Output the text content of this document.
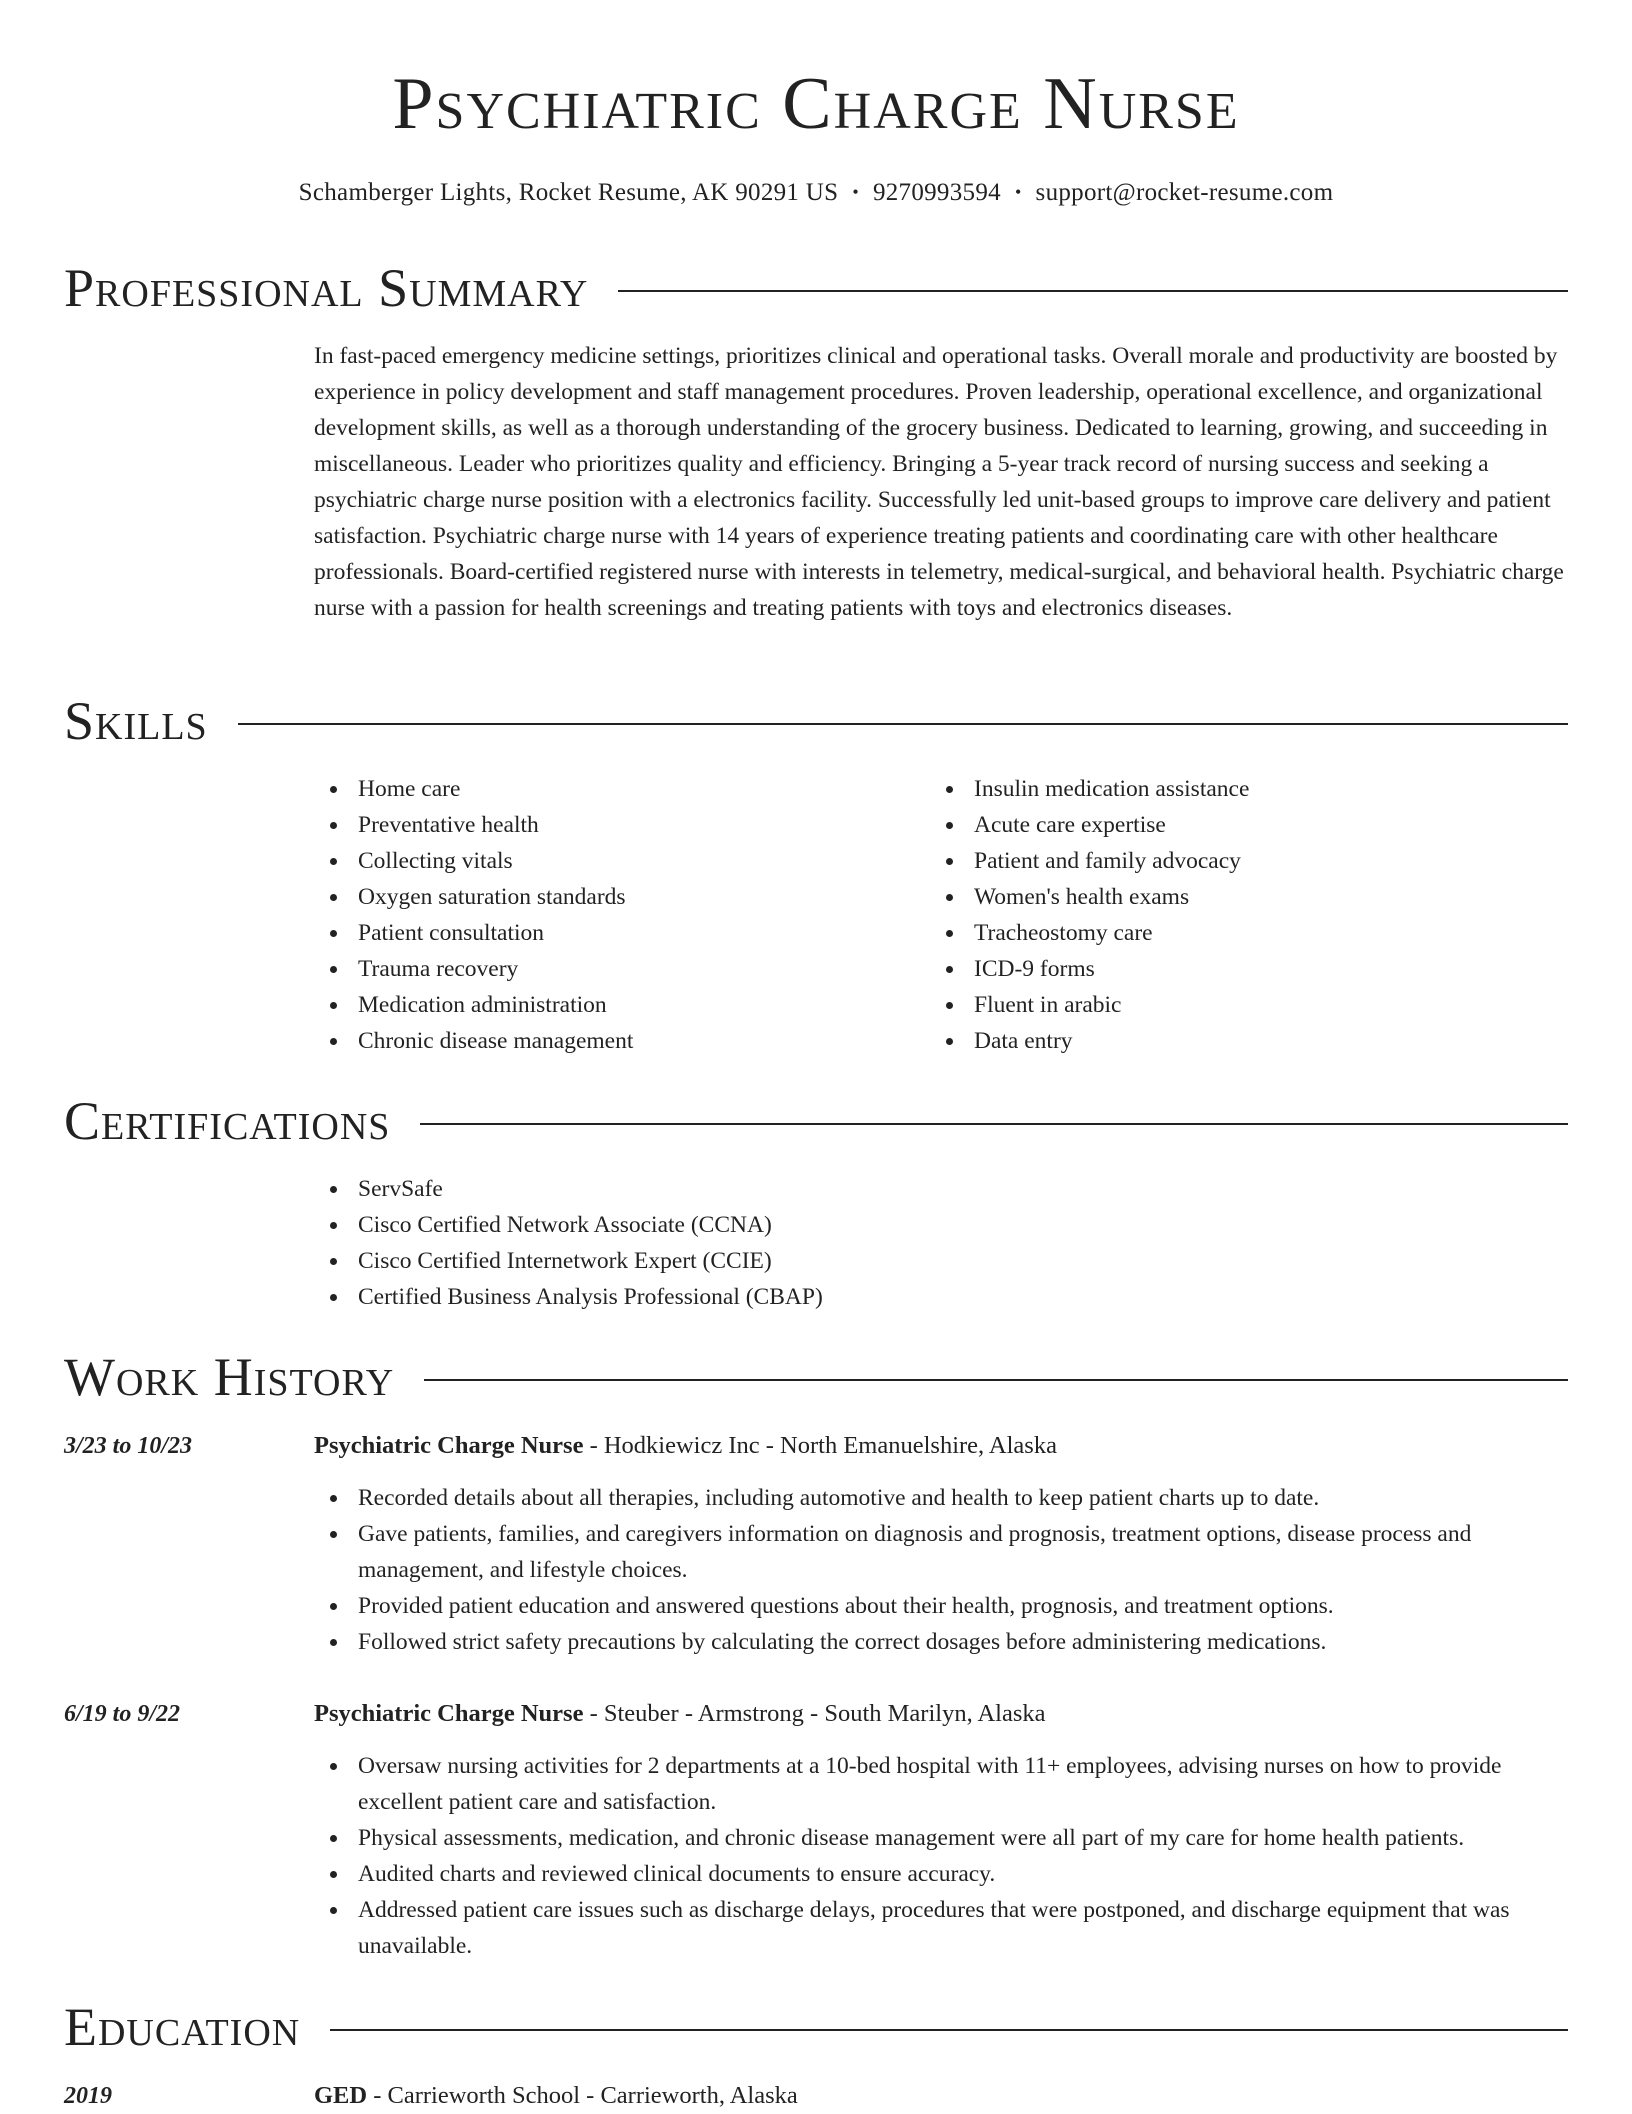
Psychiatric Charge Nurse
Schamberger Lights, Rocket Resume, AK 90291 US • 9270993594 • support@rocket-resume.com
Professional Summary
In fast-paced emergency medicine settings, prioritizes clinical and operational tasks. Overall morale and productivity are boosted by experience in policy development and staff management procedures. Proven leadership, operational excellence, and organizational development skills, as well as a thorough understanding of the grocery business. Dedicated to learning, growing, and succeeding in miscellaneous. Leader who prioritizes quality and efficiency. Bringing a 5-year track record of nursing success and seeking a psychiatric charge nurse position with a electronics facility. Successfully led unit-based groups to improve care delivery and patient satisfaction. Psychiatric charge nurse with 14 years of experience treating patients and coordinating care with other healthcare professionals. Board-certified registered nurse with interests in telemetry, medical-surgical, and behavioral health. Psychiatric charge nurse with a passion for health screenings and treating patients with toys and electronics diseases.
Skills
Home care
Preventative health
Collecting vitals
Oxygen saturation standards
Patient consultation
Trauma recovery
Medication administration
Chronic disease management
Insulin medication assistance
Acute care expertise
Patient and family advocacy
Women's health exams
Tracheostomy care
ICD-9 forms
Fluent in arabic
Data entry
Certifications
ServSafe
Cisco Certified Network Associate (CCNA)
Cisco Certified Internetwork Expert (CCIE)
Certified Business Analysis Professional (CBAP)
Work History
3/23 to 10/23	Psychiatric Charge Nurse - Hodkiewicz Inc - North Emanuelshire, Alaska
Recorded details about all therapies, including automotive and health to keep patient charts up to date.
Gave patients, families, and caregivers information on diagnosis and prognosis, treatment options, disease process and management, and lifestyle choices.
Provided patient education and answered questions about their health, prognosis, and treatment options.
Followed strict safety precautions by calculating the correct dosages before administering medications.
6/19 to 9/22	Psychiatric Charge Nurse - Steuber - Armstrong - South Marilyn, Alaska
Oversaw nursing activities for 2 departments at a 10-bed hospital with 11+ employees, advising nurses on how to provide excellent patient care and satisfaction.
Physical assessments, medication, and chronic disease management were all part of my care for home health patients.
Audited charts and reviewed clinical documents to ensure accuracy.
Addressed patient care issues such as discharge delays, procedures that were postponed, and discharge equipment that was unavailable.
Education
2019	GED - Carrieworth School - Carrieworth, Alaska
